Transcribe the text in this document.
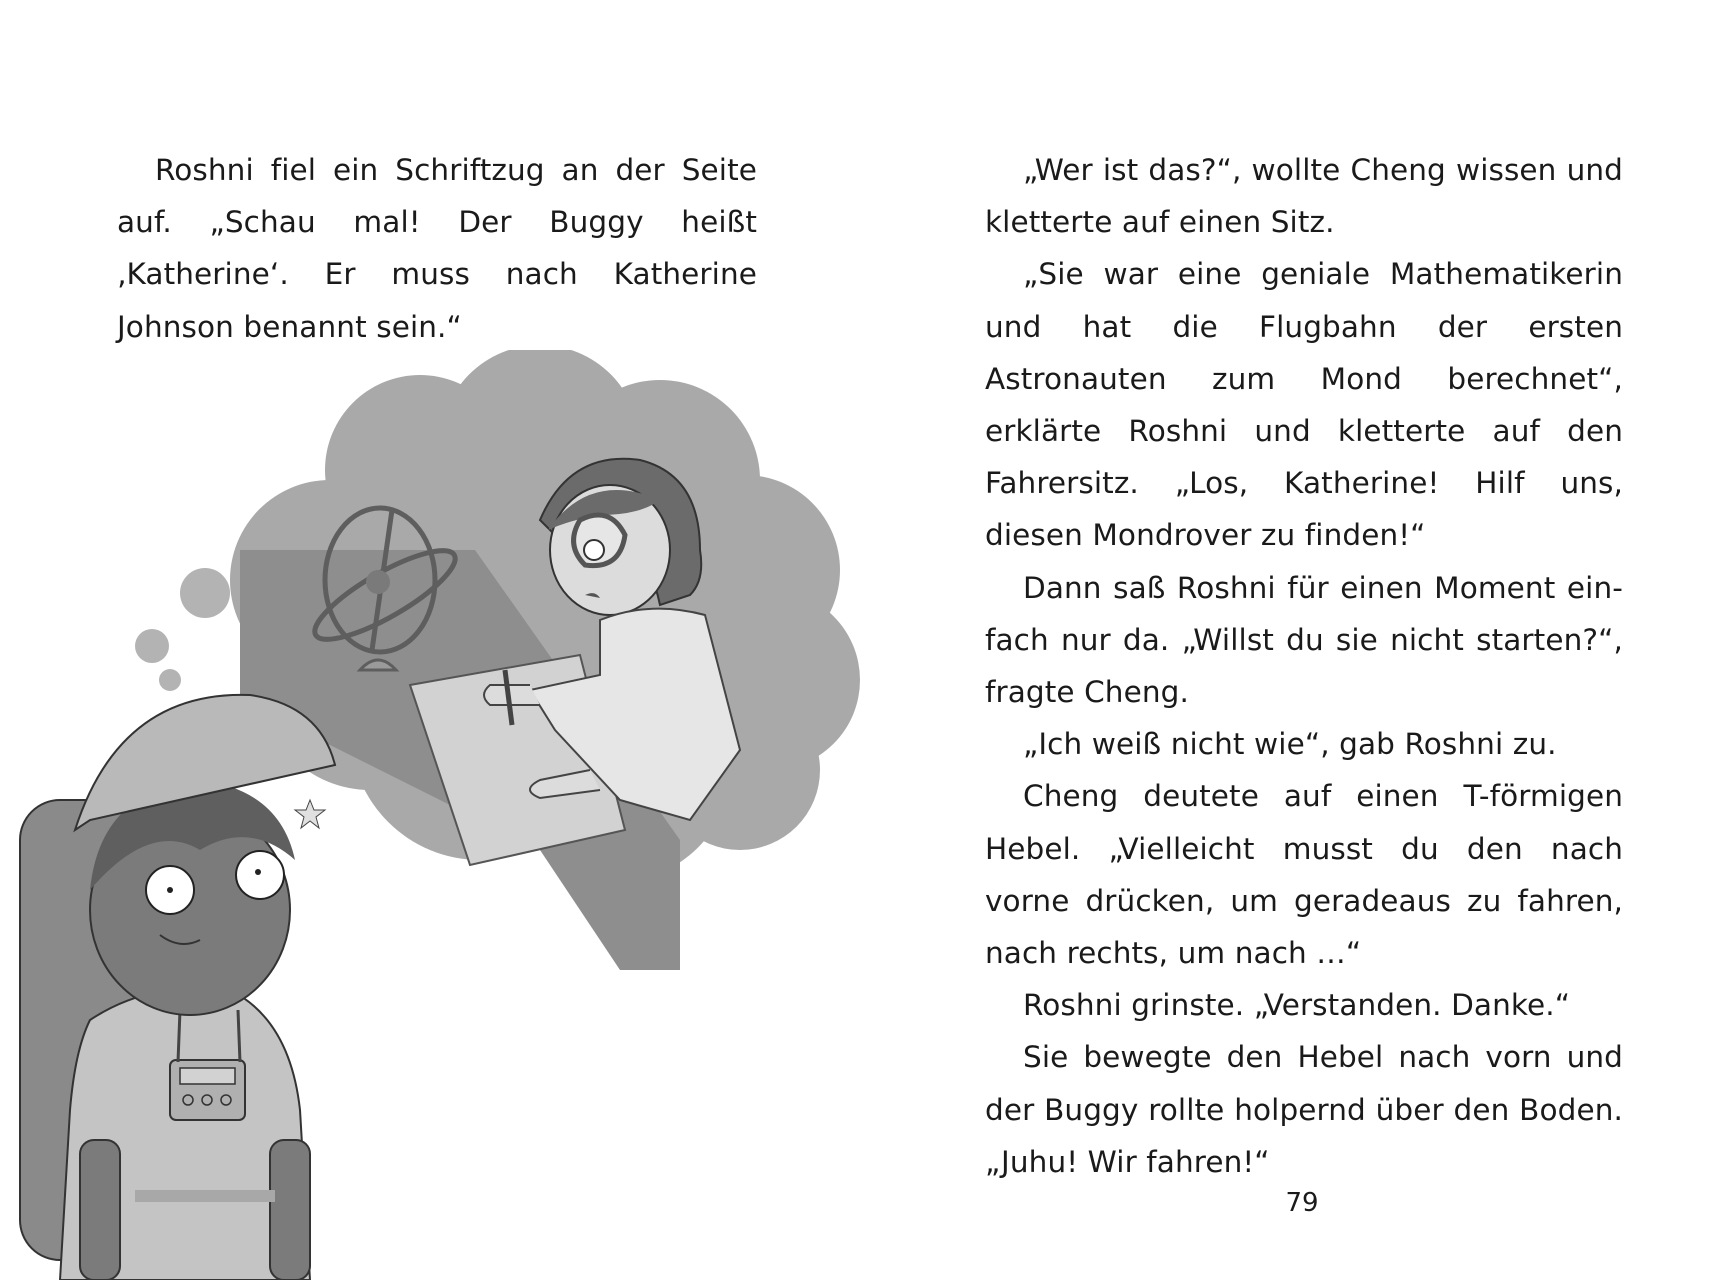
Roshni fiel ein Schriftzug an der Seite auf. „Schau mal! Der Buggy heißt ‚Katherine‘. Er muss nach Katherine Johnson benannt sein.“

„Wer ist das?“, wollte Cheng wissen und kletterte auf einen Sitz.

„Sie war eine geniale Mathematikerin und hat die Flugbahn der ersten Astronauten zum Mond berechnet“, erklärte Roshni und kletterte auf den Fahrersitz. „Los, Katherine! Hilf uns, diesen Mondrover zu finden!“

Dann saß Roshni für einen Moment ein-fach nur da. „Willst du sie nicht starten?“, fragte Cheng.

„Ich weiß nicht wie“, gab Roshni zu.

Cheng deutete auf einen T-förmigen Hebel. „Vielleicht musst du den nach vorne drücken, um geradeaus zu fahren, nach rechts, um nach …“

Roshni grinste. „Verstanden. Danke.“

Sie bewegte den Hebel nach vorn und der Buggy rollte holpernd über den Boden. „Juhu! Wir fahren!“

79
